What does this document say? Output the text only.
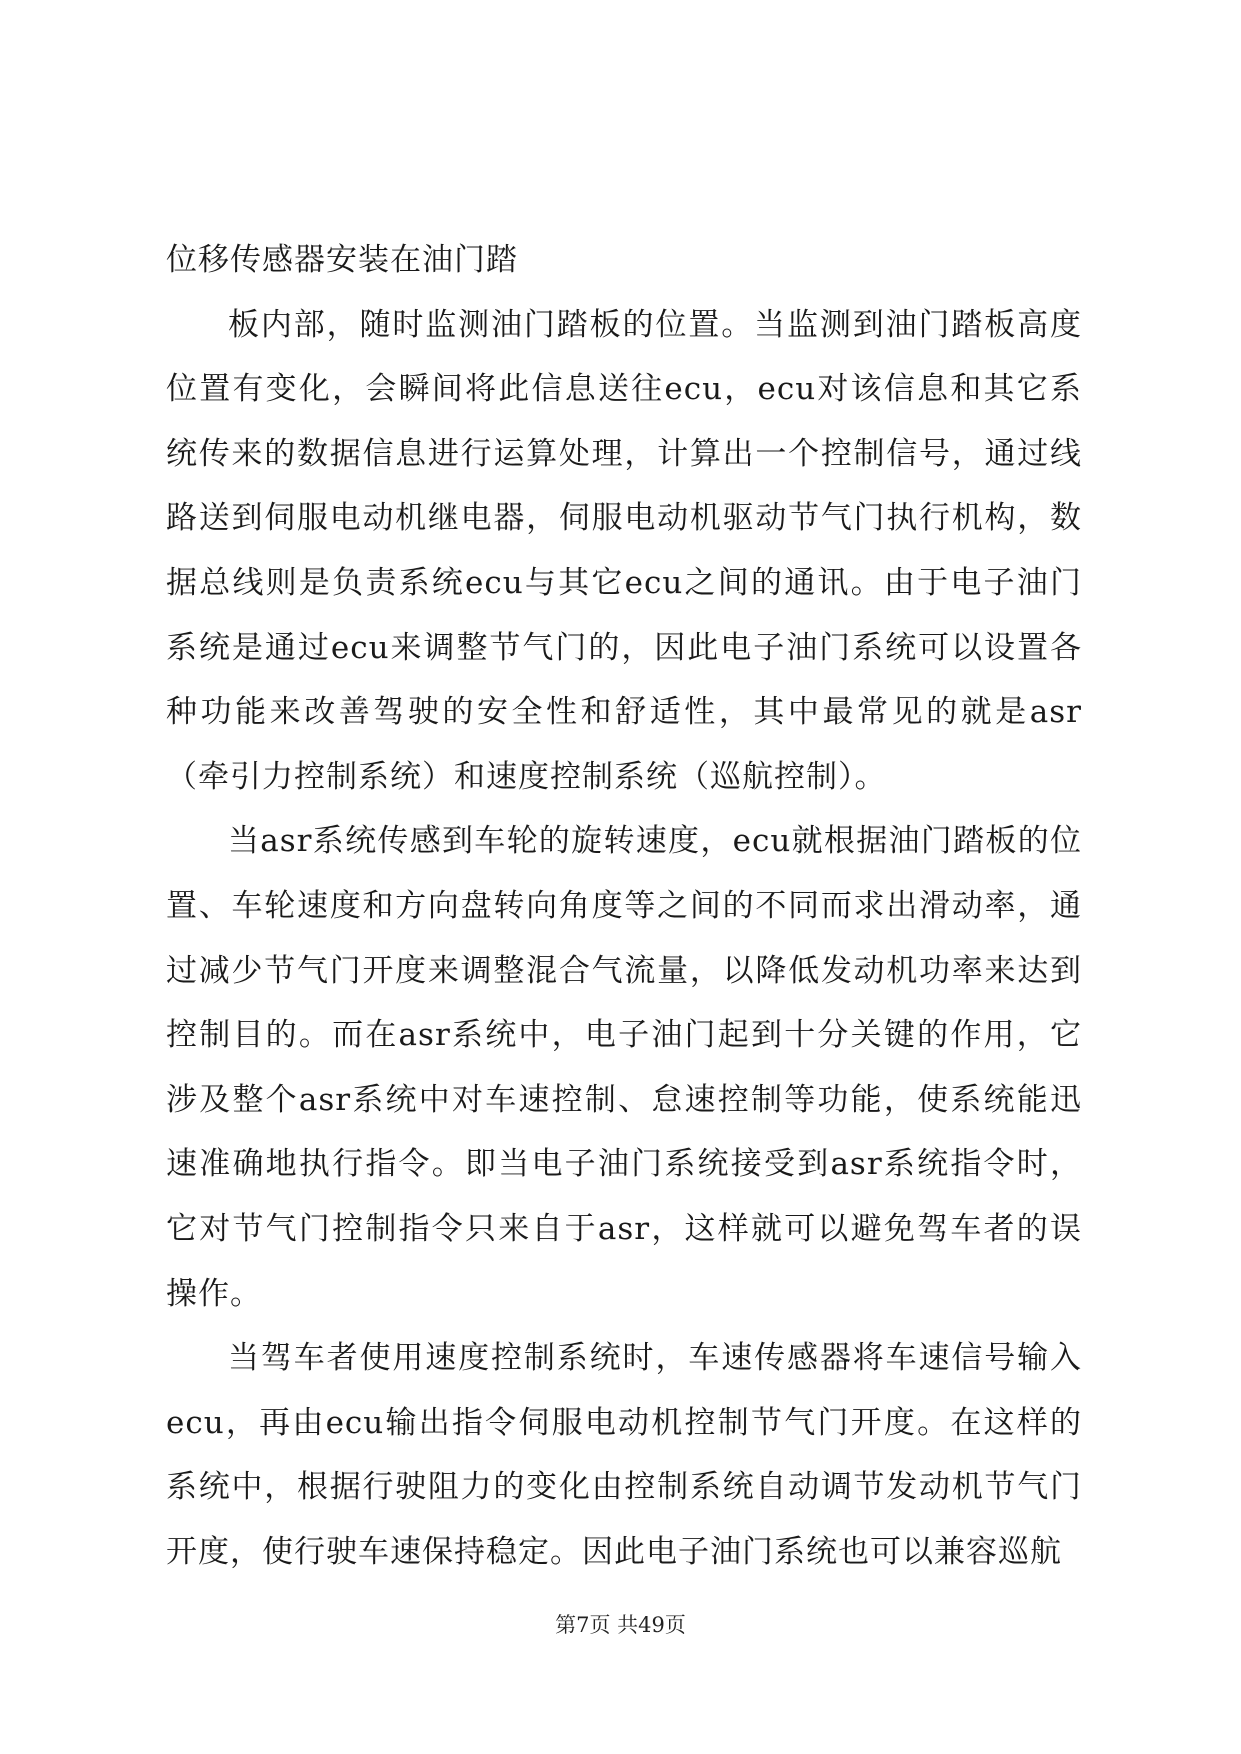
位移传感器安装在油门踏

板内部，随时监测油门踏板的位置。当监测到油门踏板高度位置有变化，会瞬间将此信息送往ecu，ecu对该信息和其它系统传来的数据信息进行运算处理，计算出一个控制信号，通过线路送到伺服电动机继电器，伺服电动机驱动节气门执行机构，数据总线则是负责系统ecu与其它ecu之间的通讯。由于电子油门系统是通过ecu来调整节气门的，因此电子油门系统可以设置各种功能来改善驾驶的安全性和舒适性，其中最常见的就是asr（牵引力控制系统）和速度控制系统（巡航控制）。

当asr系统传感到车轮的旋转速度，ecu就根据油门踏板的位置、车轮速度和方向盘转向角度等之间的不同而求出滑动率，通过减少节气门开度来调整混合气流量，以降低发动机功率来达到控制目的。而在asr系统中，电子油门起到十分关键的作用，它涉及整个asr系统中对车速控制、怠速控制等功能，使系统能迅速准确地执行指令。即当电子油门系统接受到asr系统指令时，它对节气门控制指令只来自于asr，这样就可以避免驾车者的误操作。

当驾车者使用速度控制系统时，车速传感器将车速信号输入ecu，再由ecu输出指令伺服电动机控制节气门开度。在这样的系统中，根据行驶阻力的变化由控制系统自动调节发动机节气门开度，使行驶车速保持稳定。因此电子油门系统也可以兼容巡航

第7页 共49页
